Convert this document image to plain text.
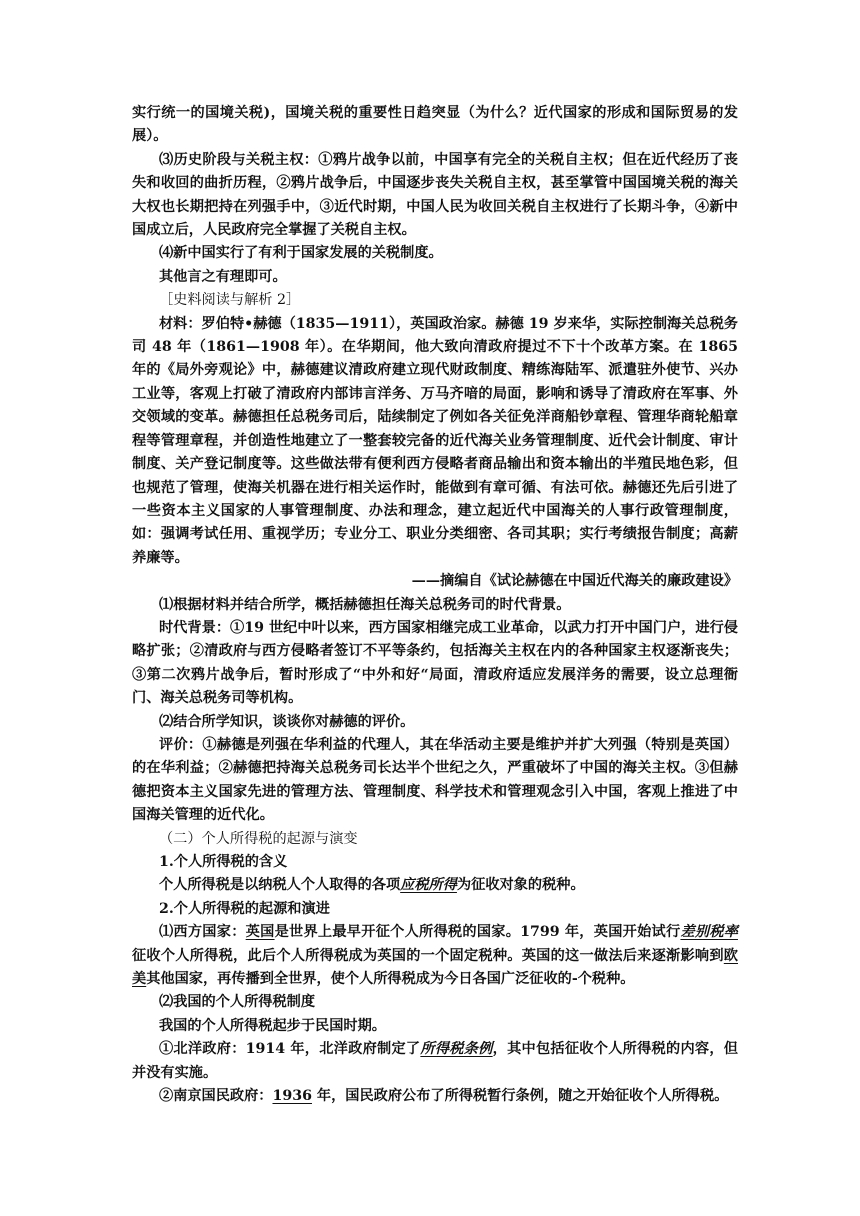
实行统一的国境关税)，国境关税的重要性日趋突显（为什么？近代国家的形成和国际贸易的发展）。

⑶历史阶段与关税主权：①鸦片战争以前，中国享有完全的关税自主权；但在近代经历了丧失和收回的曲折历程，②鸦片战争后，中国逐步丧失关税自主权，甚至掌管中国国境关税的海关大权也长期把持在列强手中，③近代时期，中国人民为收回关税自主权进行了长期斗争，④新中国成立后，人民政府完全掌握了关税自主权。

⑷新中国实行了有利于国家发展的关税制度。

其他言之有理即可。

［史料阅读与解析 2］

材料：罗伯特•赫德（1835—1911），英国政治家。赫德 19 岁来华，实际控制海关总税务司 48 年（1861—1908 年）。在华期间，他大致向清政府提过不下十个改革方案。在 1865 年的《局外旁观论》中，赫德建议清政府建立现代财政制度、精练海陆军、派遣驻外使节、兴办工业等，客观上打破了清政府内部讳言洋务、万马齐喑的局面，影响和诱导了清政府在军事、外交领域的变革。赫德担任总税务司后，陆续制定了例如各关征免洋商船钞章程、管理华商轮船章程等管理章程，并创造性地建立了一整套较完备的近代海关业务管理制度、近代会计制度、审计制度、关产登记制度等。这些做法带有便利西方侵略者商品输出和资本输出的半殖民地色彩，但也规范了管理，使海关机器在进行相关运作时，能做到有章可循、有法可依。赫德还先后引进了一些资本主义国家的人事管理制度、办法和理念，建立起近代中国海关的人事行政管理制度，如：强调考试任用、重视学历；专业分工、职业分类细密、各司其职；实行考绩报告制度；高薪养廉等。

——摘编自《试论赫德在中国近代海关的廉政建设》

⑴根据材料并结合所学，概括赫德担任海关总税务司的时代背景。

时代背景：①19 世纪中叶以来，西方国家相继完成工业革命，以武力打开中国门户，进行侵略扩张；②清政府与西方侵略者签订不平等条约，包括海关主权在内的各种国家主权逐渐丧失；③第二次鸦片战争后，暂时形成了“中外和好“局面，清政府适应发展洋务的需要，设立总理衙门、海关总税务司等机构。

⑵结合所学知识，谈谈你对赫德的评价。

评价：①赫德是列强在华利益的代理人，其在华活动主要是维护并扩大列强（特别是英国）的在华利益；②赫德把持海关总税务司长达半个世纪之久，严重破坏了中国的海关主权。③但赫德把资本主义国家先进的管理方法、管理制度、科学技术和管理观念引入中国，客观上推进了中国海关管理的近代化。

（二）个人所得税的起源与演变

1.个人所得税的含义

个人所得税是以纳税人个人取得的各项应税所得为征收对象的税种。

2.个人所得税的起源和演进

⑴西方国家：英国是世界上最早开征个人所得税的国家。1799 年，英国开始试行差别税率征收个人所得税，此后个人所得税成为英国的一个固定税种。英国的这一做法后来逐渐影响到欧美其他国家，再传播到全世界，使个人所得税成为今日各国广泛征收的-个税种。

⑵我国的个人所得税制度

我国的个人所得税起步于民国时期。

①北洋政府：1914 年，北洋政府制定了所得税条例，其中包括征收个人所得税的内容，但并没有实施。

②南京国民政府：1936 年，国民政府公布了所得税暂行条例，随之开始征收个人所得税。
